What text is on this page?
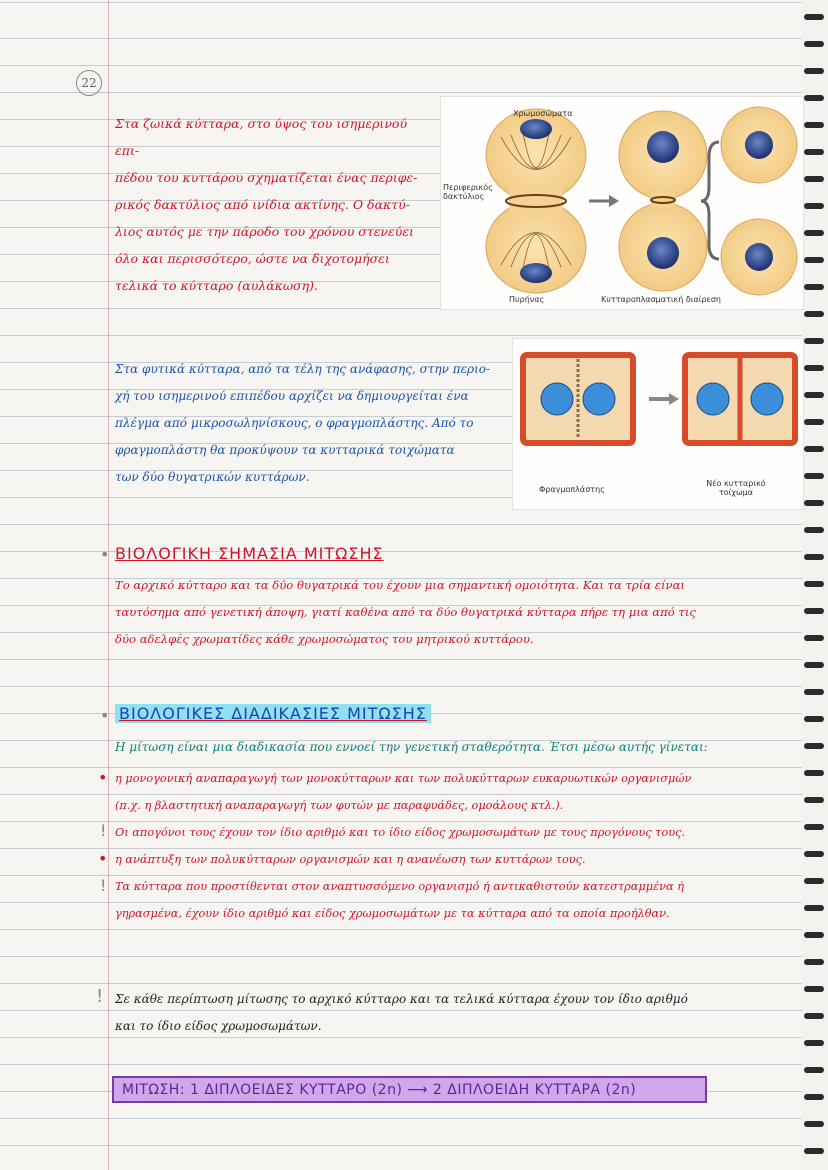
22

Στα ζωικά κύτταρα, στο ύψος του ισημερινού επι-

πέδου του κυττάρου σχηματίζεται ένας περιφε-

ρικός δακτύλιος από ινίδια ακτίνης. Ο δακτύ-

λιος αυτός με την πάροδο του χρόνου στενεύει

όλο και περισσότερο, ώστε να διχοτομήσει

τελικά το κύτταρο (αυλάκωση).

Χρωμοσώματα
Περιφερικός δακτύλιος
Πυρήνας	Κυτταροπλασματική διαίρεση

Στα φυτικά κύτταρα, από τα τέλη της ανάφασης, στην περιο-

χή του ισημερινού επιπέδου αρχίζει να δημιουργείται ένα

πλέγμα από μικροσωληνίσκους, ο φραγμοπλάστης. Από το

φραγμοπλάστη θα προκύψουν τα κυτταρικά τοιχώματα

των δύο θυγατρικών κυττάρων.

Φραγμοπλάστης
Νέο κυτταρικό τοίχωμα
ΒΙΟΛΟΓΙΚΗ ΣΗΜΑΣΙΑ ΜΙΤΩΣΗΣ
•

Το αρχικό κύτταρο και τα δύο θυγατρικά του έχουν μια σημαντική ομοιότητα. Και τα τρία είναι

ταυτόσημα από γενετική άποψη, γιατί καθένα από τα δύο θυγατρικά κύτταρα πήρε τη μια από τις

δύο αδελφές χρωματίδες κάθε χρωμοσώματος του μητρικού κυττάρου.

• ΒΙΟΛΟΓΙΚΕΣ ΔΙΑΔΙΚΑΣΙΕΣ ΜΙΤΩΣΗΣ
Η μίτωση είναι μια διαδικασία που εννοεί την γενετική σταθερότητα. Έτσι μέσω αυτής γίνεται:

η μονογονική αναπαραγωγή των μονοκύτταρων και των πολυκύτταρων ευκαρυωτικών οργανισμών

(π.χ. η βλαστητική αναπαραγωγή των φυτών με παραφυάδες, ομοάλους κτλ.).

Οι απογόνοι τους έχουν τον ίδιο αριθμό και το ίδιο είδος χρωμοσωμάτων με τους προγόνους τους.

η ανάπτυξη των πολυκύτταρων οργανισμών και η ανανέωση των κυττάρων τους.

Τα κύτταρα που προστίθενται στον αναπτυσσόμενο οργανισμό ή αντικαθιστούν κατεστραμμένα ή

γηρασμένα, έχουν ίδιο αριθμό και είδος χρωμοσωμάτων με τα κύτταρα από τα οποία προήλθαν.

•
!
•
!
! Σε κάθε περίπτωση μίτωσης το αρχικό κύτταρο και τα τελικά κύτταρα έχουν τον ίδιο αριθμό

και το ίδιο είδος χρωμοσωμάτων.

ΜΙΤΩΣΗ: 1 ΔΙΠΛΟΕΙΔΕΣ ΚΥΤΤΑΡΟ (2n) ⟶ 2 ΔΙΠΛΟΕΙΔΗ ΚΥΤΤΑΡΑ (2n)
